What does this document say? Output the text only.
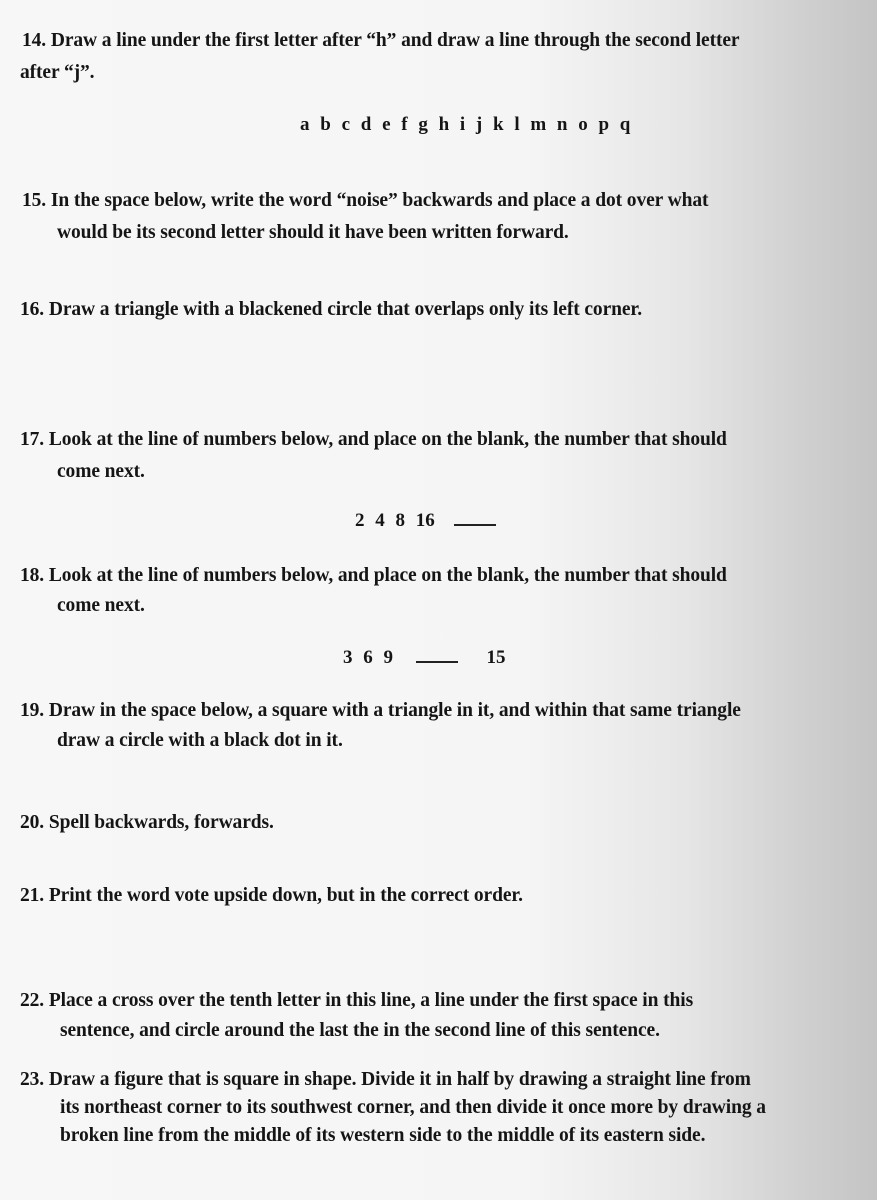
14. Draw a line under the first letter after “h” and draw a line through the second letter
after “j”.
a b c d e f g h i j k l m n o p q
15. In the space below, write the word “noise” backwards and place a dot over what
would be its second letter should it have been written forward.
16. Draw a triangle with a blackened circle that overlaps only its left corner.
17. Look at the line of numbers below, and place on the blank, the number that should
come next.
2 4 8 16
18. Look at the line of numbers below, and place on the blank, the number that should
come next.
3 6 9	15
19. Draw in the space below, a square with a triangle in it, and within that same triangle
draw a circle with a black dot in it.
20. Spell backwards, forwards.
21. Print the word vote upside down, but in the correct order.
22. Place a cross over the tenth letter in this line, a line under the first space in this
sentence, and circle around the last the in the second line of this sentence.
23. Draw a figure that is square in shape. Divide it in half by drawing a straight line from
its northeast corner to its southwest corner, and then divide it once more by drawing a
broken line from the middle of its western side to the middle of its eastern side.
